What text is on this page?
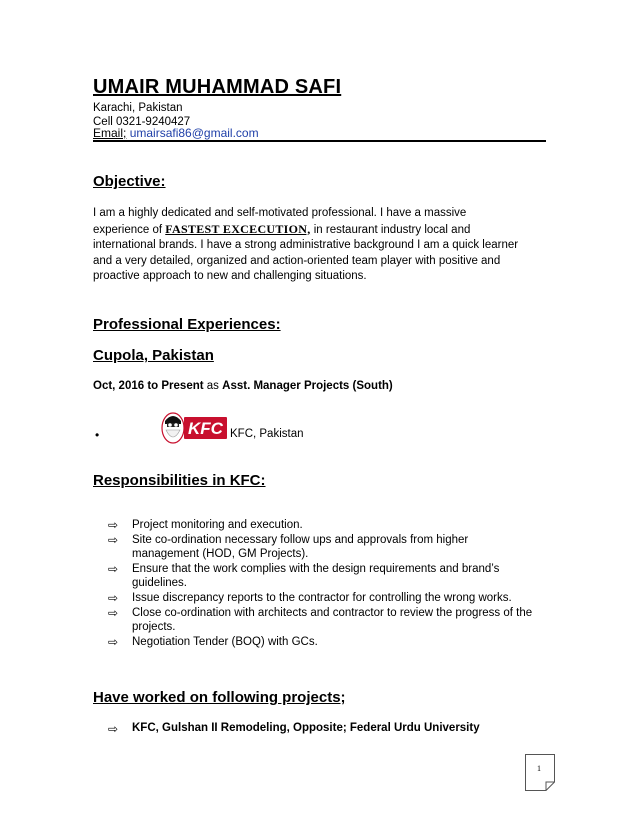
UMAIR MUHAMMAD SAFI
Karachi, Pakistan
Cell 0321-9240427
Email; umairsafi86@gmail.com
Objective:
I am a highly dedicated and self-motivated professional. I have a massive experience of FASTEST EXCECUTION, in restaurant industry local and international brands. I have a strong administrative background I am a quick learner and a very detailed, organized and action-oriented team player with positive and proactive approach to new and challenging situations.
Professional Experiences:
Cupola, Pakistan
Oct, 2016 to Present as Asst. Manager Projects (South)
•	KFC KFC, Pakistan
Responsibilities in KFC:
⇨ Project monitoring and execution.
⇨ Site co-ordination necessary follow ups and approvals from higher management (HOD, GM Projects).
⇨ Ensure that the work complies with the design requirements and brand’s guidelines.
⇨ Issue discrepancy reports to the contractor for controlling the wrong works.
⇨ Close co-ordination with architects and contractor to review the progress of the projects.
⇨ Negotiation Tender (BOQ) with GCs.
Have worked on following projects;
⇨ KFC, Gulshan II Remodeling, Opposite; Federal Urdu University
1
